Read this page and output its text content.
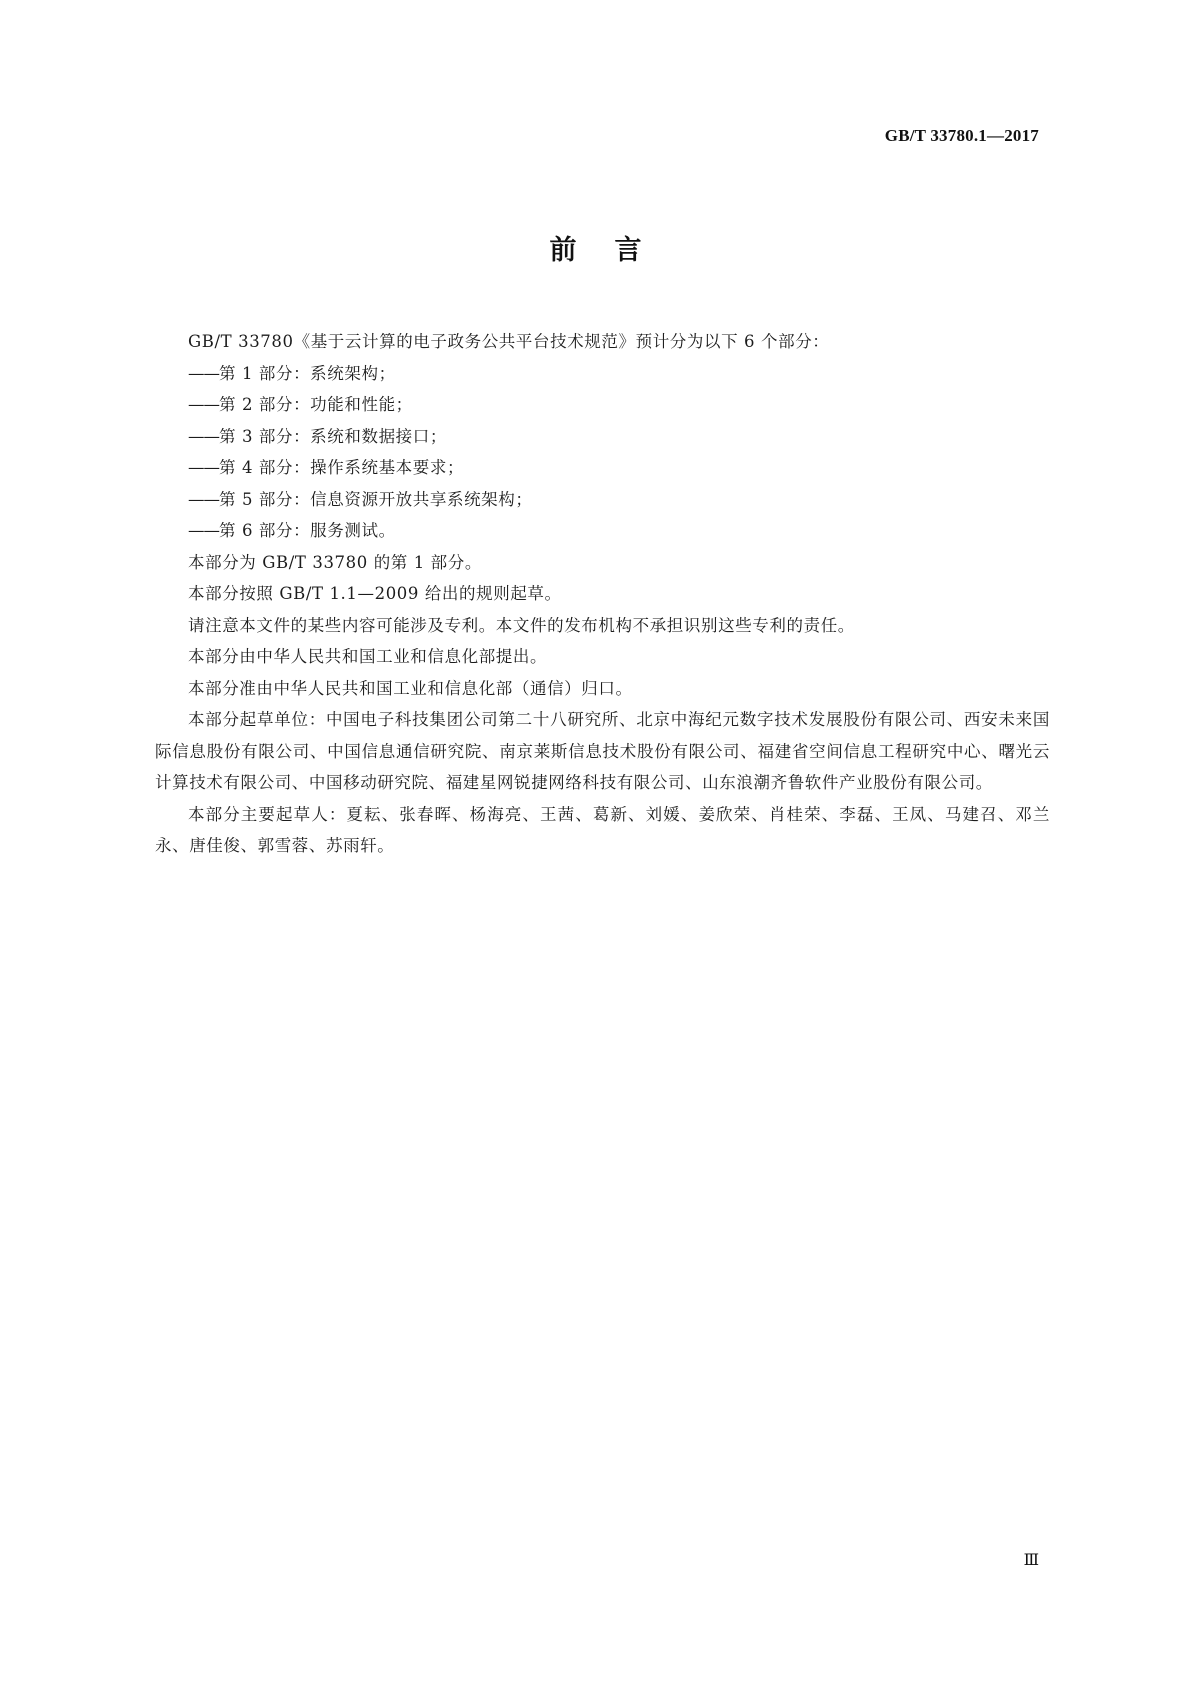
GB/T 33780.1—2017
前言

GB/T 33780《基于云计算的电子政务公共平台技术规范》预计分为以下 6 个部分：

——第 1 部分：系统架构；

——第 2 部分：功能和性能；

——第 3 部分：系统和数据接口；

——第 4 部分：操作系统基本要求；

——第 5 部分：信息资源开放共享系统架构；

——第 6 部分：服务测试。

本部分为 GB/T 33780 的第 1 部分。

本部分按照 GB/T 1.1—2009 给出的规则起草。

请注意本文件的某些内容可能涉及专利。本文件的发布机构不承担识别这些专利的责任。

本部分由中华人民共和国工业和信息化部提出。

本部分准由中华人民共和国工业和信息化部（通信）归口。

本部分起草单位：中国电子科技集团公司第二十八研究所、北京中海纪元数字技术发展股份有限公司、西安未来国际信息股份有限公司、中国信息通信研究院、南京莱斯信息技术股份有限公司、福建省空间信息工程研究中心、曙光云计算技术有限公司、中国移动研究院、福建星网锐捷网络科技有限公司、山东浪潮齐鲁软件产业股份有限公司。

本部分主要起草人：夏耘、张春晖、杨海亮、王茜、葛新、刘媛、姜欣荣、肖桂荣、李磊、王凤、马建召、邓兰永、唐佳俊、郭雪蓉、苏雨轩。

Ⅲ
